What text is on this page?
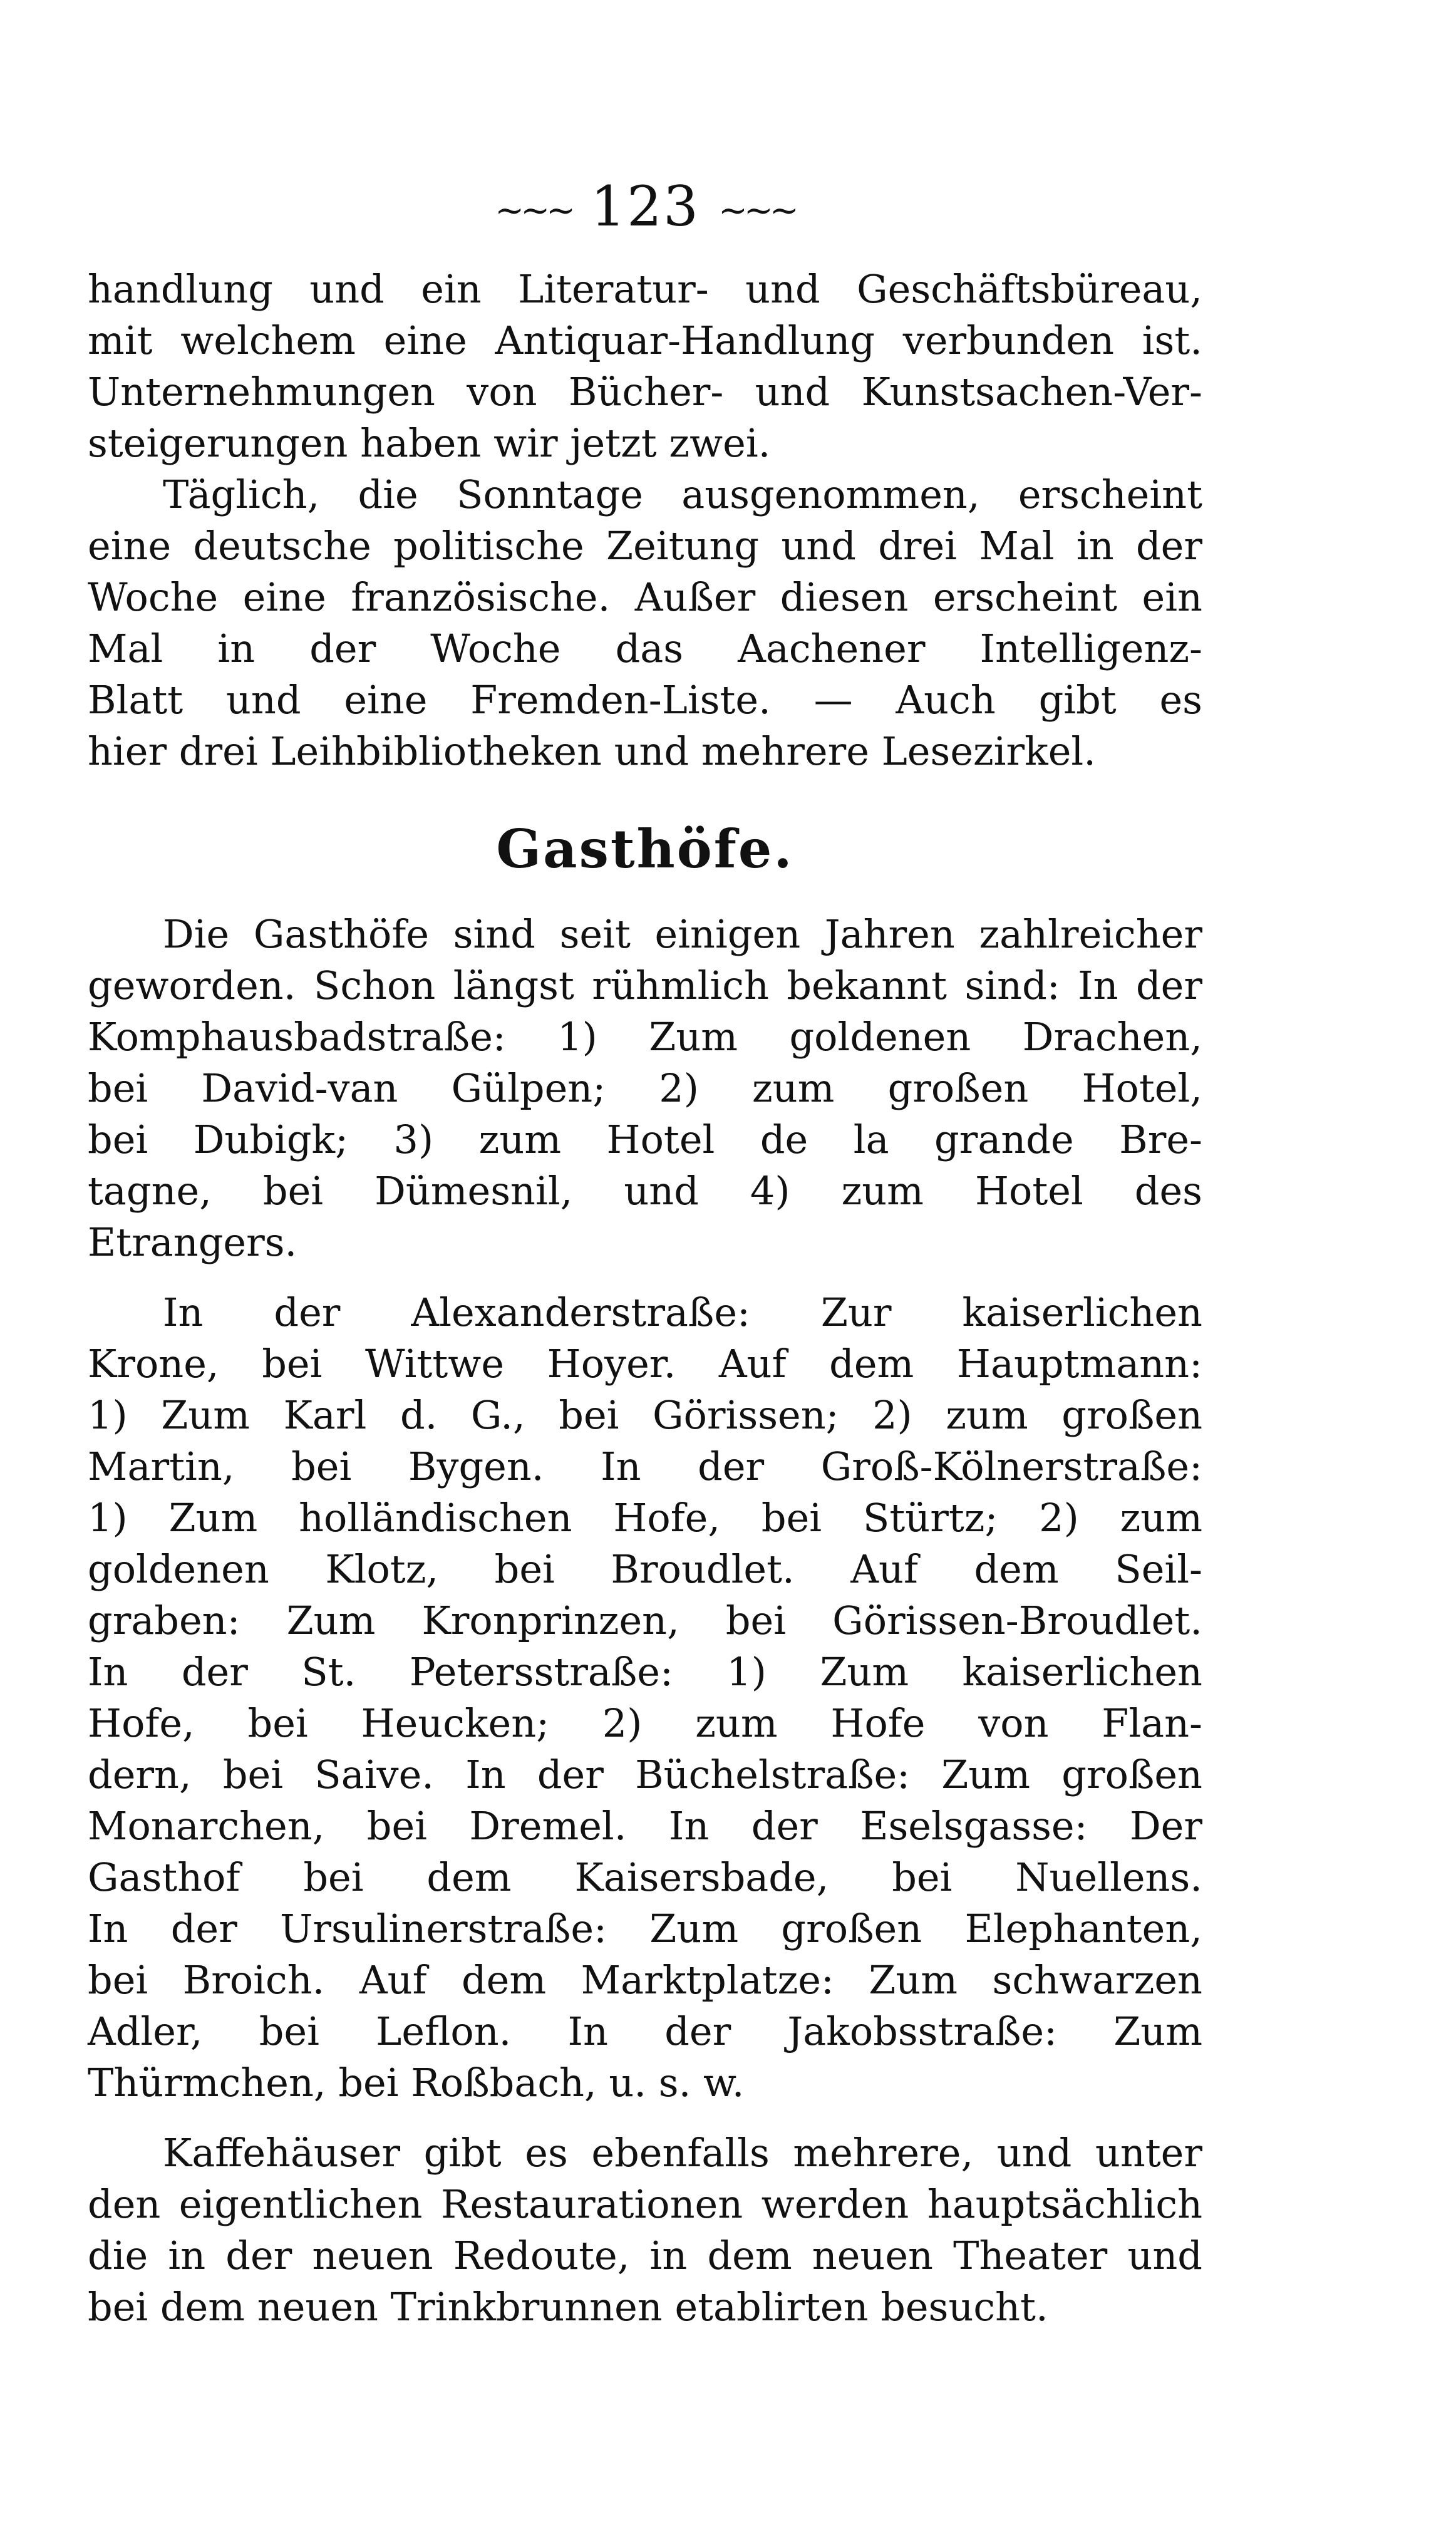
~~~ 123 ~~~

handlung und ein Literatur- und Geschäftsbüreau,
mit welchem eine Antiquar-Handlung verbunden ist.
Unternehmungen von Bücher- und Kunstsachen-Ver-
steigerungen haben wir jetzt zwei.

Täglich, die Sonntage ausgenommen, erscheint
eine deutsche politische Zeitung und drei Mal in der
Woche eine französische. Außer diesen erscheint ein
Mal in der Woche das Aachener Intelligenz-
Blatt und eine Fremden-Liste. — Auch gibt es
hier drei Leihbibliotheken und mehrere Lesezirkel.

Gasthöfe.

Die Gasthöfe sind seit einigen Jahren zahlreicher
geworden. Schon längst rühmlich bekannt sind: In der
Komphausbadstraße: 1) Zum goldenen Drachen,
bei David-van Gülpen; 2) zum großen Hotel,
bei Dubigk; 3) zum Hotel de la grande Bre-
tagne, bei Dümesnil, und 4) zum Hotel des
Etrangers.

In der Alexanderstraße: Zur kaiserlichen
Krone, bei Wittwe Hoyer. Auf dem Hauptmann:
1) Zum Karl d. G., bei Görissen; 2) zum großen
Martin, bei Bygen. In der Groß-Kölnerstraße:
1) Zum holländischen Hofe, bei Stürtz; 2) zum
goldenen Klotz, bei Broudlet. Auf dem Seil-
graben: Zum Kronprinzen, bei Görissen-Broudlet.
In der St. Petersstraße: 1) Zum kaiserlichen
Hofe, bei Heucken; 2) zum Hofe von Flan-
dern, bei Saive. In der Büchelstraße: Zum großen
Monarchen, bei Dremel. In der Eselsgasse: Der
Gasthof bei dem Kaisersbade, bei Nuellens.
In der Ursulinerstraße: Zum großen Elephanten,
bei Broich. Auf dem Marktplatze: Zum schwarzen
Adler, bei Leflon. In der Jakobsstraße: Zum
Thürmchen, bei Roßbach, u. s. w.

Kaffehäuser gibt es ebenfalls mehrere, und unter
den eigentlichen Restaurationen werden hauptsächlich
die in der neuen Redoute, in dem neuen Theater und
bei dem neuen Trinkbrunnen etablirten besucht.
